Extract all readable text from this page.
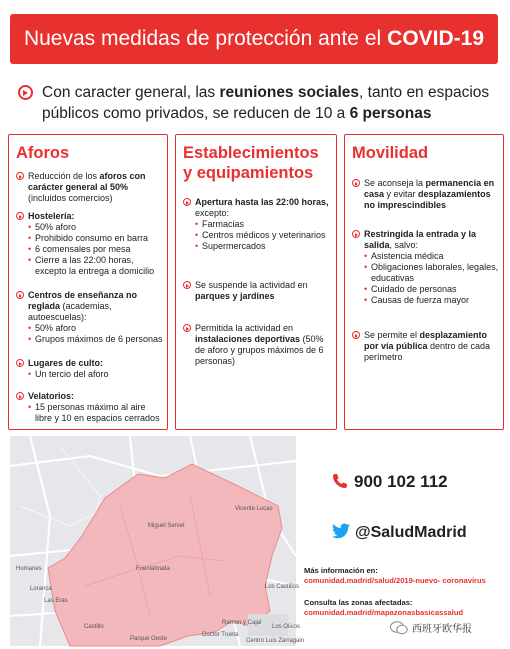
Nuevas medidas de protección ante el COVID-19
Con caracter general, las reuniones sociales, tanto en espacios públicos como privados, se reducen de 10 a 6 personas
Aforos
Reducción de los aforos con carácter general al 50% (incluidos comercios)
Hostelería:
• 50% aforo
• Prohibido consumo en barra
• 6 comensales por mesa
• Cierre a las 22:00 horas, excepto la entrega a domicilio
Centros de enseñanza no reglada (academias, autoescuelas):
• 50% aforo
• Grupos máximos de 6 personas
Lugares de culto:
• Un tercio del aforo
Velatorios:
• 15 personas máximo al aire libre y 10 en espacios cerrados
Establecimientos
y equipamientos
Apertura hasta las 22:00 horas,
excepto:
• Farmacias
• Centros médicos y veterinarios
• Supermercados
Se suspende la actividad en parques y jardines
Permitida la actividad en instalaciones deportivas (50% de aforo y grupos máximos de 6 personas)
Movilidad
Se aconseja la permanencia en casa y evitar desplazamientos no imprescindibles
Restringida la entrada y la salida, salvo:
• Asistencia médica
• Obligaciones laborales, legales, educativas
• Cuidado de personas
• Causas de fuerza mayor
Se permite el desplazamiento por vía pública dentro de cada perímetro
Miguel Servet
Vicente Lucas
Humanes	Fuenlabrada
Los Castillos
Ramon y Cajal
Parque Oeste
Doctor Trueta
Loranca
Las Eras
Centro Luis Zarragain
Los Olivos
Castillo
900 102 112
@SaludMadrid
Más información en:
comunidad.madrid/salud/2019-nuevo- coronavirus
Consulta las zonas afectadas:
comunidad.madrid/mapazonasbasicassalud
西班牙欧华报
